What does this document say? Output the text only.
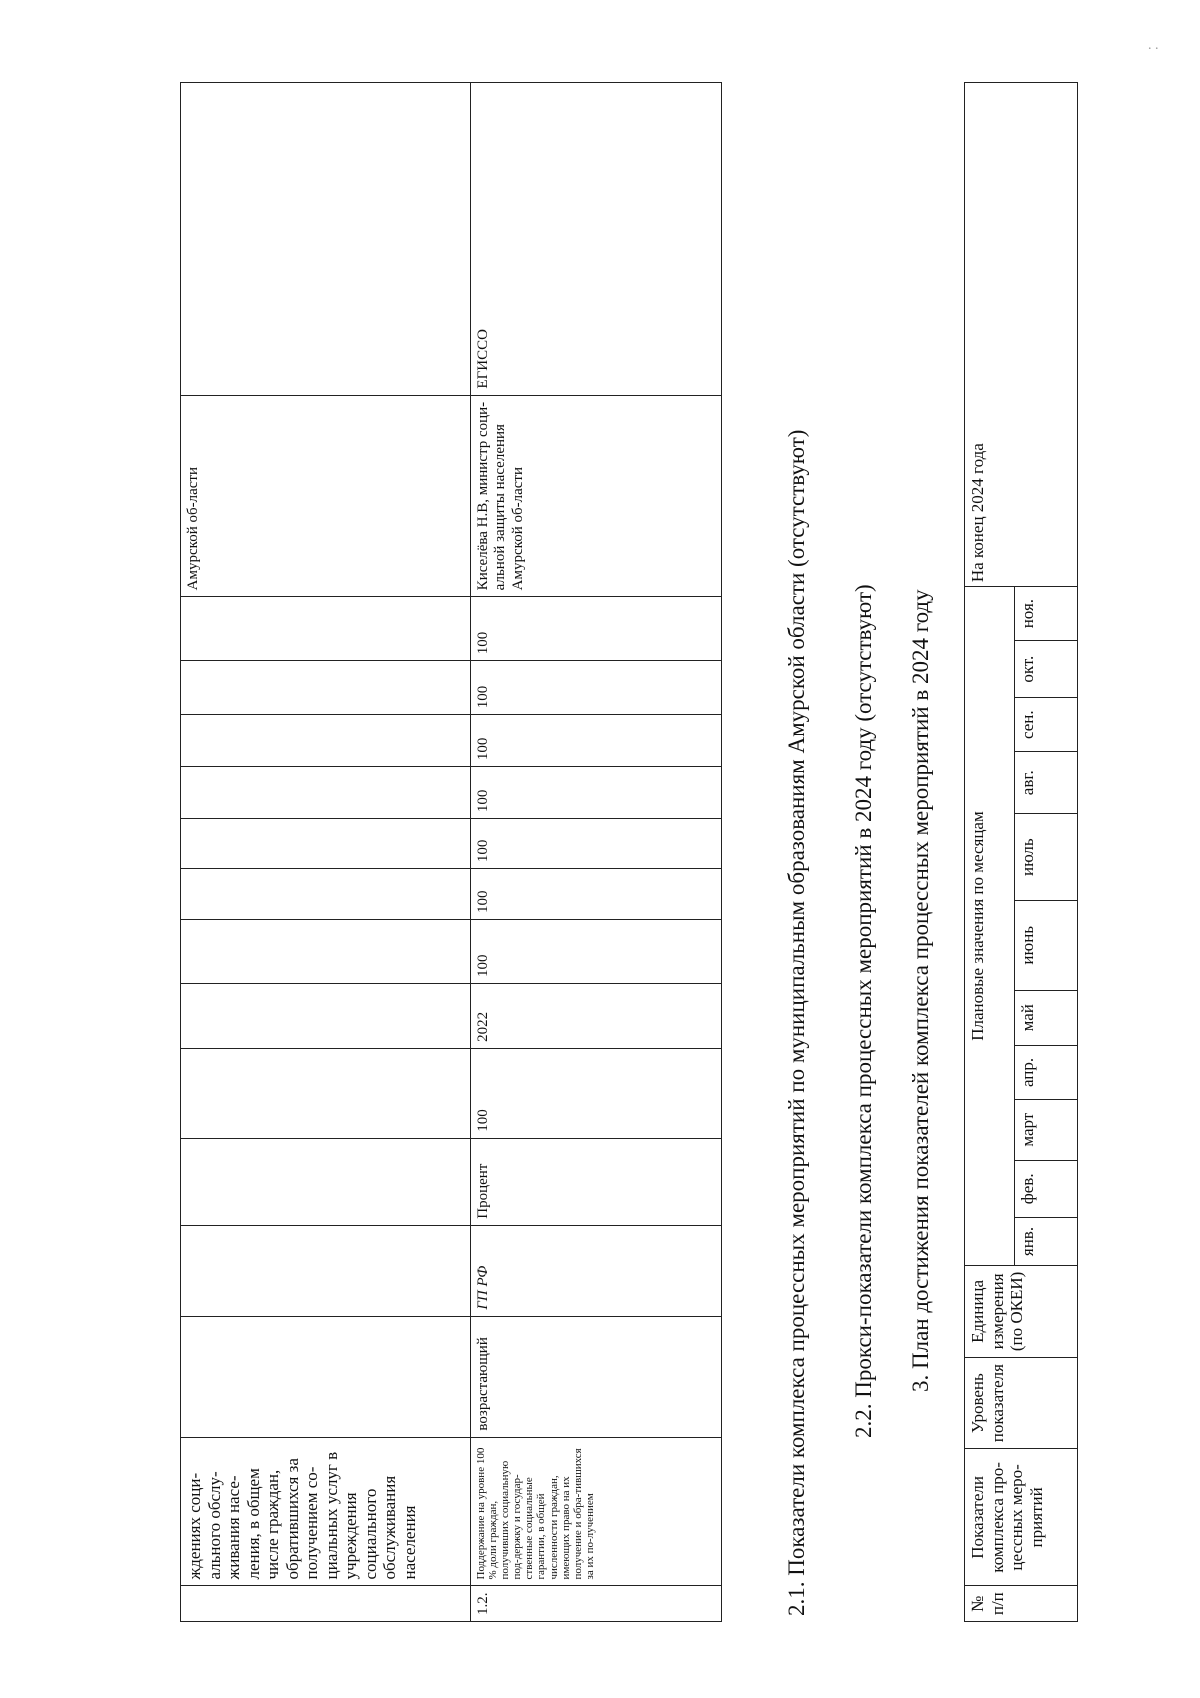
	ждениях соци-ального обслу-живания насе-ления, в общем числе граждан, обратившихся за получением со-циальных услуг в учреждения социального обслуживания населения													Амурской об-ласти	
1.2.	Поддержание на уровне 100 % доли граждан, получивших социальную под-держку и государ-ственные социальные гарантии, в общей численности граждан, имеющих право на их получение и обра-тившихся за их по-лучением	возрастающий	ГП РФ	Процент	100	2022	100	100	100	100	100	100	100	Киселёва Н.В, министр соци-альной защиты населения Амурской об-ласти	ЕГИССО
2.1. Показатели комплекса процессных мероприятий по муниципальным образованиям Амурской области (отсутствуют) 2.2. Прокси-показатели комплекса процессных мероприятий в 2024 году (отсутствуют) 3. План достижения показателей комплекса процессных мероприятий в 2024 году
№ п/п	Показатели комплекса про-цессных меро-приятий	Уровень показателя	Единица измерения (по ОКЕИ)	Плановые значения по месяцам											На конец 2024 года
				янв.	фев.	март	апр.	май	июнь	июль	авг.	сен.	окт.	ноя.	
. .
